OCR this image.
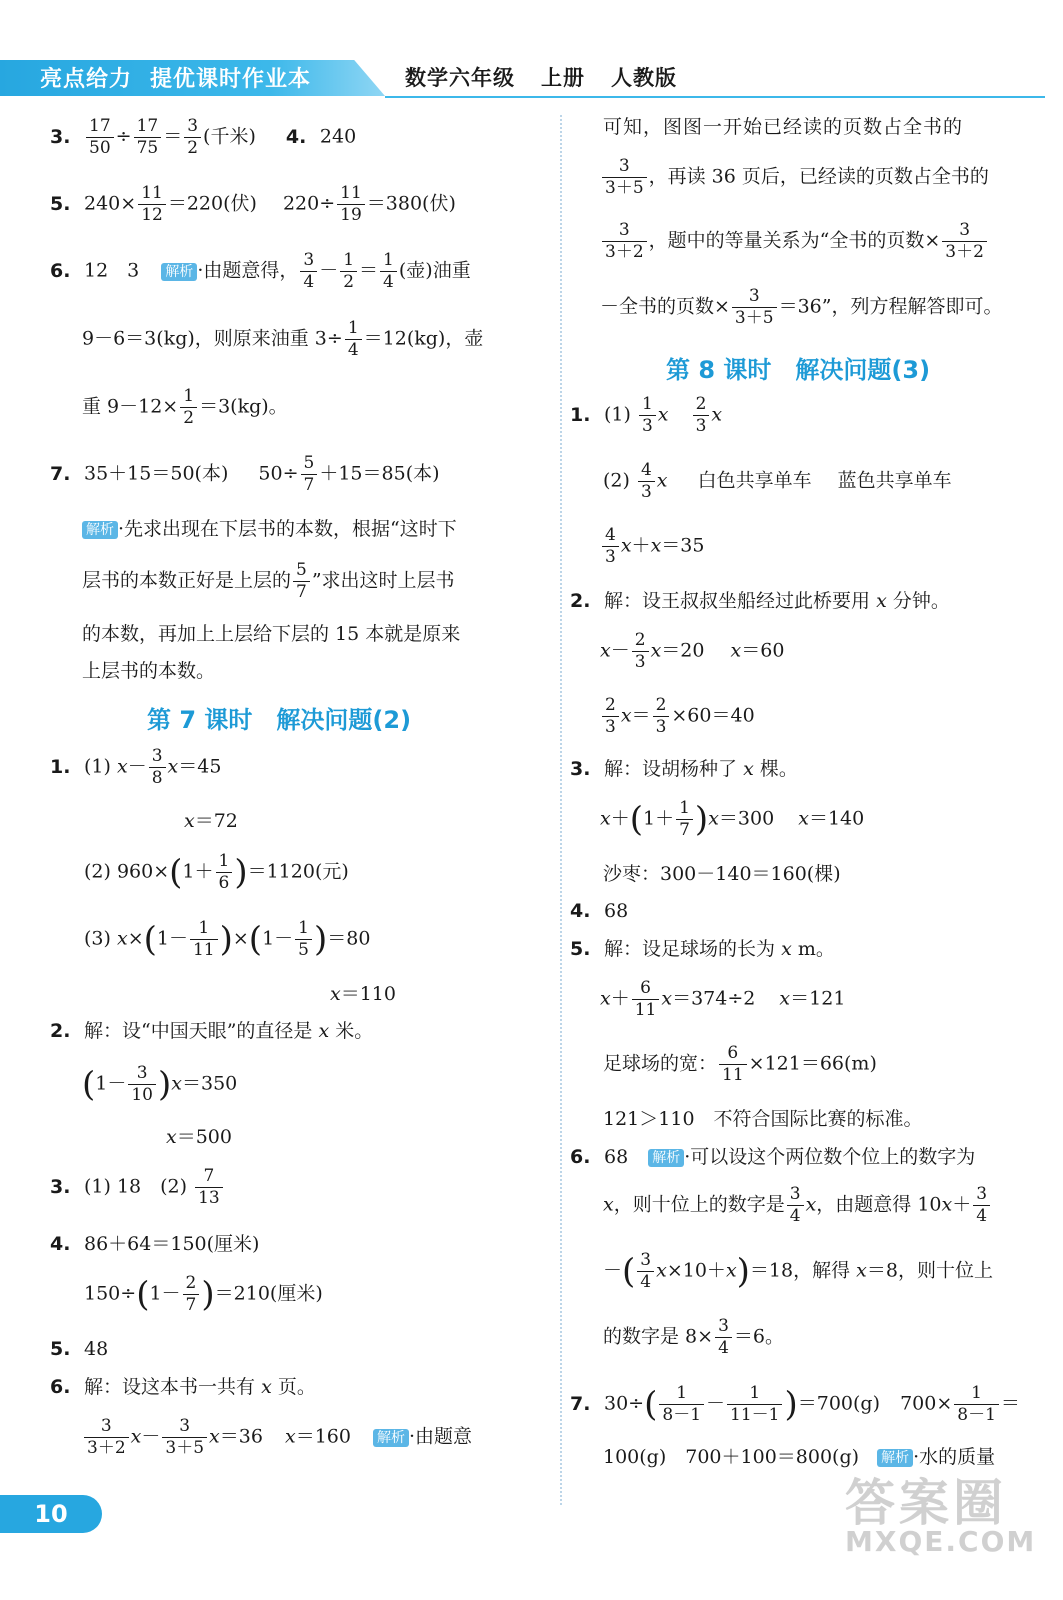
亮点给力 提优课时作业本	数学六年级 上册 人教版
3. $\frac{17}{50} \div \frac{17}{75} = \frac{3}{2}$ (千米) 4. 240
5. $240\times \frac{11}{12} =220$(伏) $220\div \frac{11}{19} =380$(伏)
6. 12　3 解析 ·由题意得， $\frac{3}{4} - \frac{1}{2} = \frac{1}{4}$ (壶)油重
9－6＝3(kg)，则原来油重 $3\div \frac{1}{4} =12(kg)$，壶
重 $9-12\times \frac{1}{2} =3(kg)$。
7. 35＋15＝50(本) $50\div \frac{5}{7} +15=85$(本)
解析 ·先求出现在下层书的本数，根据“这时下
层书的本数正好是上层的 $\frac{5}{7}$ ”求出这时上层书
的本数，再加上上层给下层的 15 本就是原来
上层书的本数。
第 7 课时　解决问题(2)
1. (1) $x- \frac{3}{8} x=45$
x＝72
(2) $960\times(1+ \frac{1}{6} )=1120$(元)
(3) $x\times(1- \frac{1}{11} )\times(1- \frac{1}{5} )=80$
x＝110
2. 解：设“中国天眼”的直径是 x 米。
$(1- \frac{3}{10} )x=350$
x＝500
3. (1) 18　$(2) \frac{7}{13}$
4. 86＋64＝150(厘米)
$150\div(1- \frac{2}{7} )=210$(厘米)
5. 48
6. 解：设这本书一共有 x 页。
$\frac{3}{3+2} x- \frac{3}{3+5} x=36$ x＝160 解析 ·由题意
可知，图图一开始已经读的页数占全书的
$\frac{3}{3+5}$ ，再读 36 页后，已经读的页数占全书的
$\frac{3}{3+2}$ ，题中的等量关系为“全书的页数× $\frac{3}{3+2}$
－全书的页数× $\frac{3}{3+5} =36$”，列方程解答即可。
第 8 课时　解决问题(3)
1. $(1) \frac{1}{3}$ x $\frac{2}{3}$ x
$(2) \frac{4}{3}$ x 白色共享单车 蓝色共享单车
$\frac{4}{3} x+x=35$
2. 解：设王叔叔坐船经过此桥要用 x 分钟。
$x- \frac{2}{3} x=20$ x＝60
$\frac{2}{3} x= \frac{2}{3} \times 60=40$
3. 解：设胡杨种了 x 棵。
$x+(1+ \frac{1}{7} )x=300$ x＝140
沙枣：300－140＝160(棵)
4. 68
5. 解：设足球场的长为 x m。
$x+ \frac{6}{11} x=374\div 2$ x＝121
足球场的宽： $\frac{6}{11} \times 121=66(m)$
121＞110　不符合国际比赛的标准。
6. 68 解析 ·可以设这个两位数个位上的数字为
x，则十位上的数字是 $\frac{3}{4}$ x，由题意得 $10x+ \frac{3}{4}$
－( $\frac{3}{4} x\times 10+x)=18$，解得 x＝8，则十位上
的数字是 $8\times \frac{3}{4} =6$。
7. $30\div( \frac{1}{8-1} - \frac{1}{11-1} )=700(g)$ $700\times \frac{1}{8-1}$ ＝
100(g)　700＋100＝800(g) 解析 ·水的质量
10	答案圈
MXQE.COM
